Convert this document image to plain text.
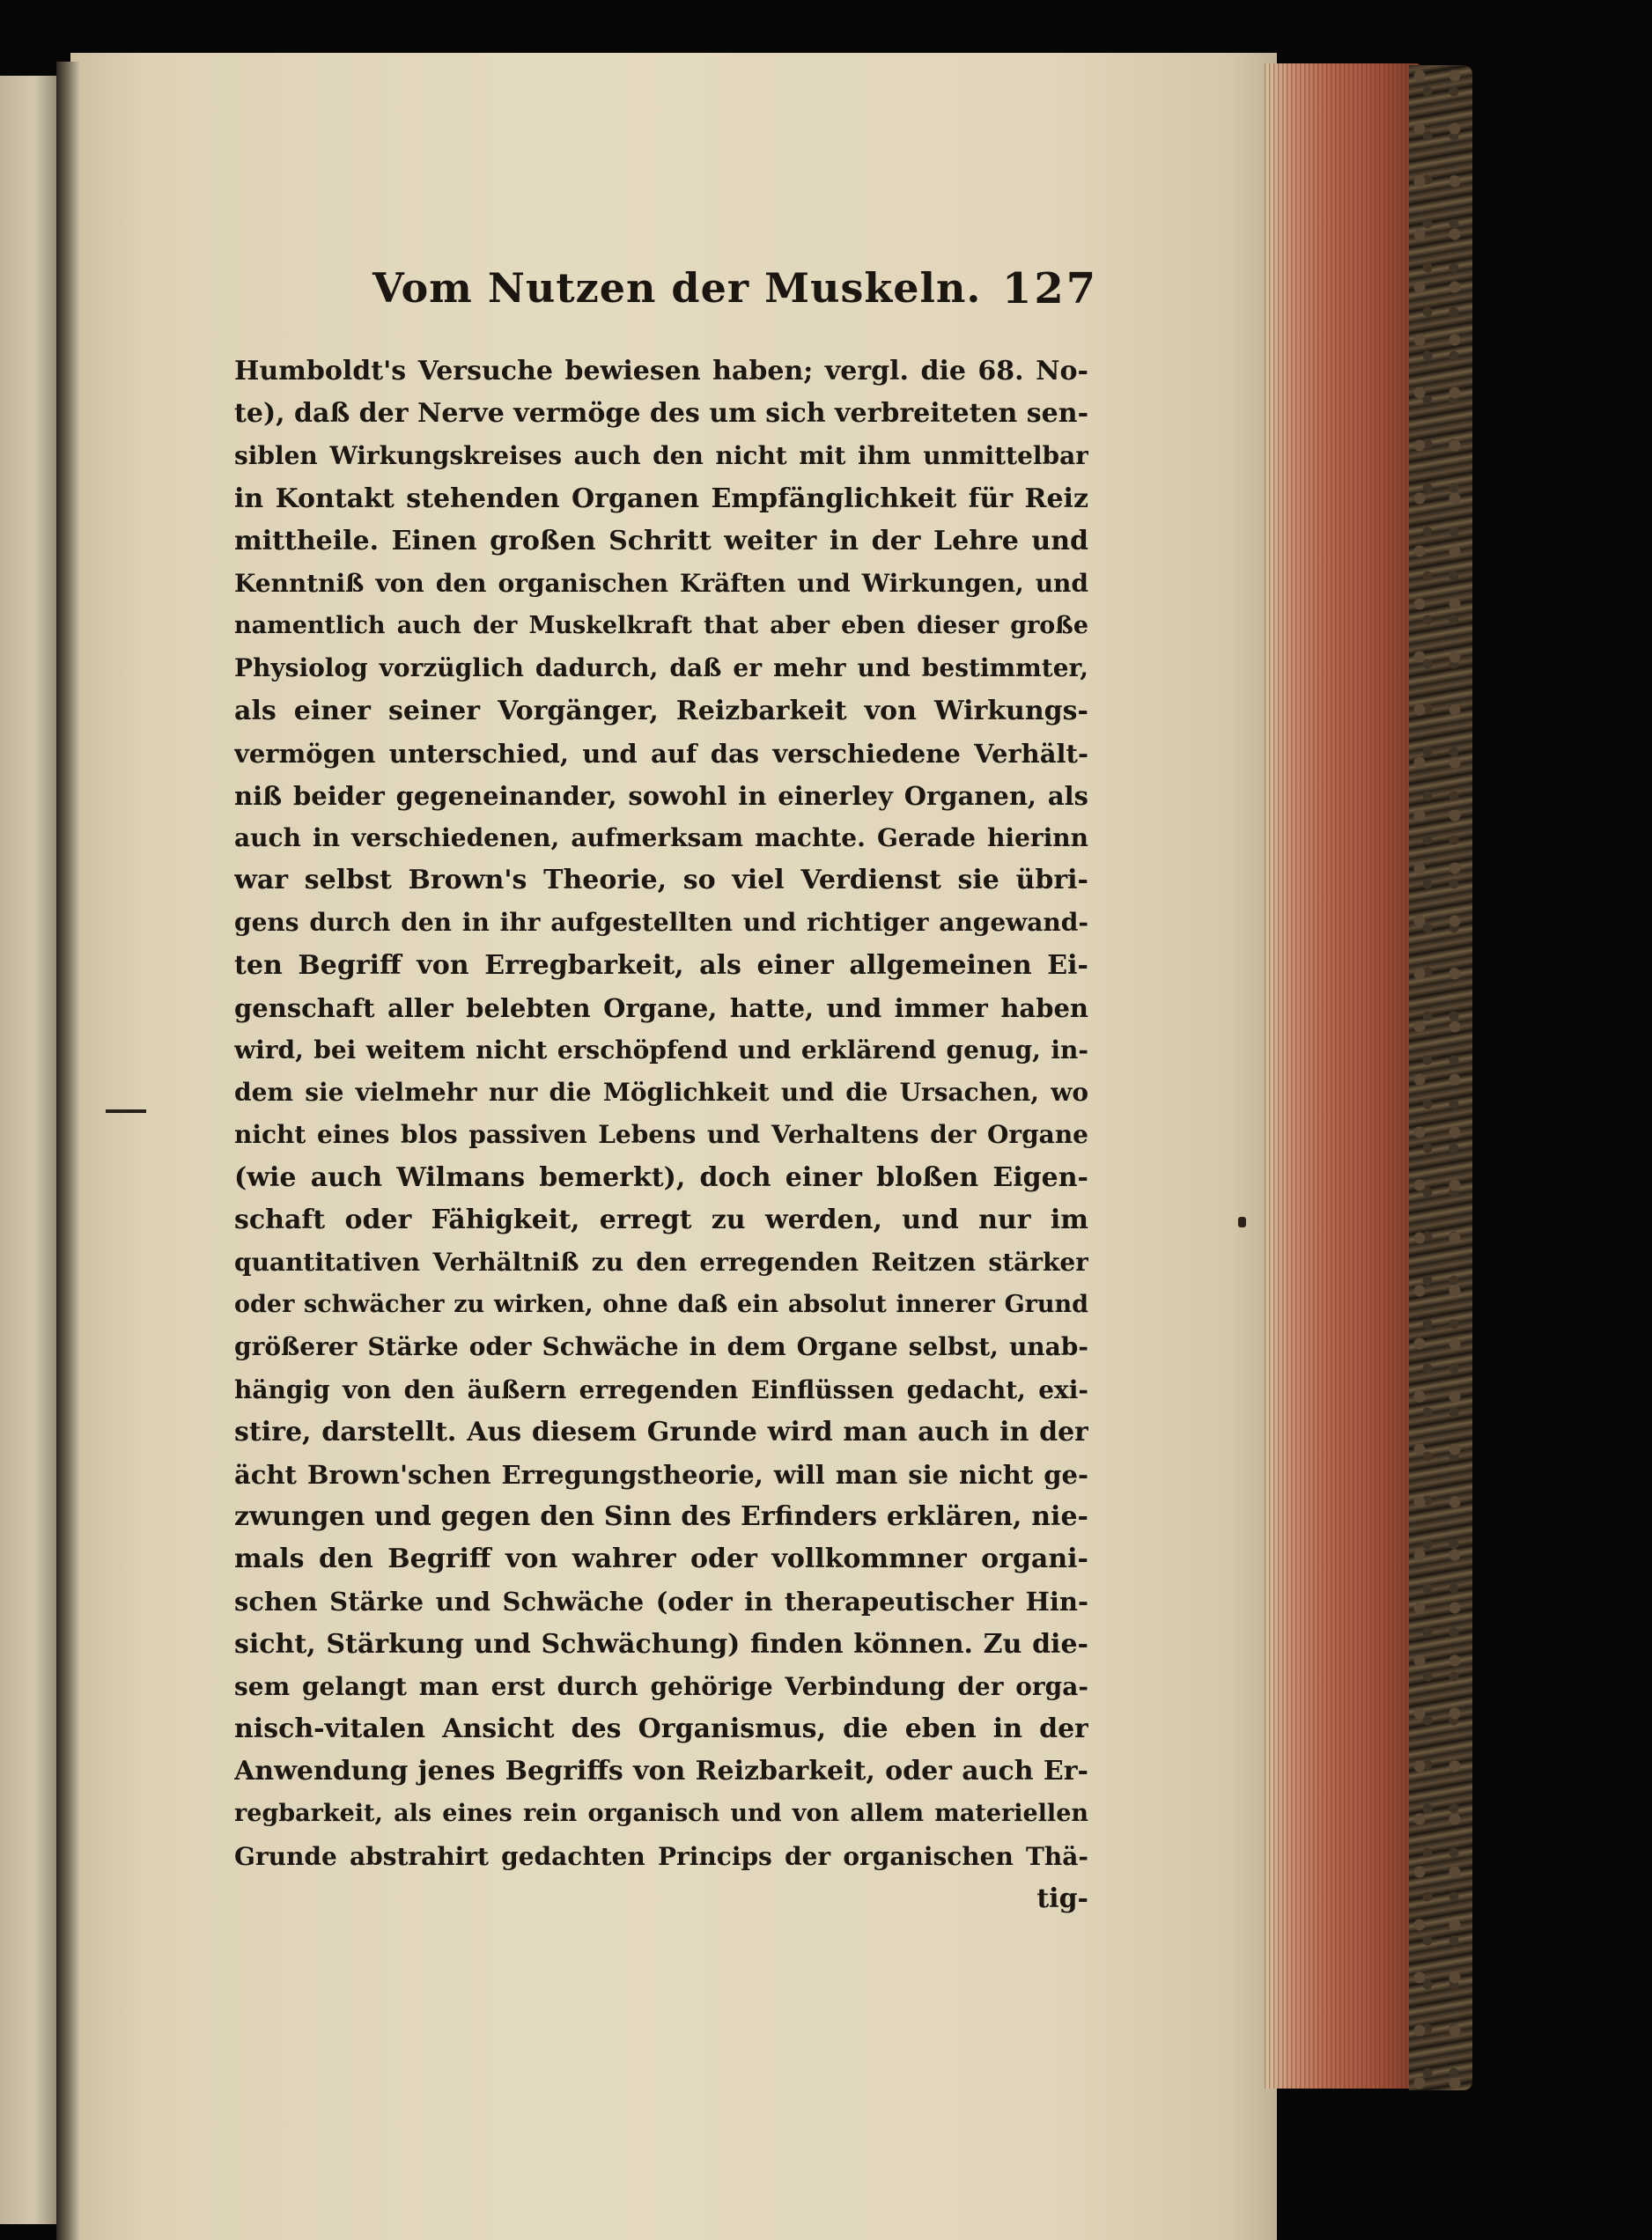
Vom Nutzen der Muskeln. 127
Humboldt's Versuche bewiesen haben; vergl. die 68. No-
te), daß der Nerve vermöge des um sich verbreiteten sen-
siblen Wirkungskreises auch den nicht mit ihm unmittelbar
in Kontakt stehenden Organen Empfänglichkeit für Reiz
mittheile. Einen großen Schritt weiter in der Lehre und
Kenntniß von den organischen Kräften und Wirkungen, und
namentlich auch der Muskelkraft that aber eben dieser große
Physiolog vorzüglich dadurch, daß er mehr und bestimmter,
als einer seiner Vorgänger, Reizbarkeit von Wirkungs-
vermögen unterschied, und auf das verschiedene Verhält-
niß beider gegeneinander, sowohl in einerley Organen, als
auch in verschiedenen, aufmerksam machte. Gerade hierinn
war selbst Brown's Theorie, so viel Verdienst sie übri-
gens durch den in ihr aufgestellten und richtiger angewand-
ten Begriff von Erregbarkeit, als einer allgemeinen Ei-
genschaft aller belebten Organe, hatte, und immer haben
wird, bei weitem nicht erschöpfend und erklärend genug, in-
dem sie vielmehr nur die Möglichkeit und die Ursachen, wo
nicht eines blos passiven Lebens und Verhaltens der Organe
(wie auch Wilmans bemerkt), doch einer bloßen Eigen-
schaft oder Fähigkeit, erregt zu werden, und nur im
quantitativen Verhältniß zu den erregenden Reitzen stärker
oder schwächer zu wirken, ohne daß ein absolut innerer Grund
größerer Stärke oder Schwäche in dem Organe selbst, unab-
hängig von den äußern erregenden Einflüssen gedacht, exi-
stire, darstellt. Aus diesem Grunde wird man auch in der
ächt Brown'schen Erregungstheorie, will man sie nicht ge-
zwungen und gegen den Sinn des Erfinders erklären, nie-
mals den Begriff von wahrer oder vollkommner organi-
schen Stärke und Schwäche (oder in therapeutischer Hin-
sicht, Stärkung und Schwächung) finden können. Zu die-
sem gelangt man erst durch gehörige Verbindung der orga-
nisch-vitalen Ansicht des Organismus, die eben in der
Anwendung jenes Begriffs von Reizbarkeit, oder auch Er-
regbarkeit, als eines rein organisch und von allem materiellen
Grunde abstrahirt gedachten Princips der organischen Thä-
tig-
